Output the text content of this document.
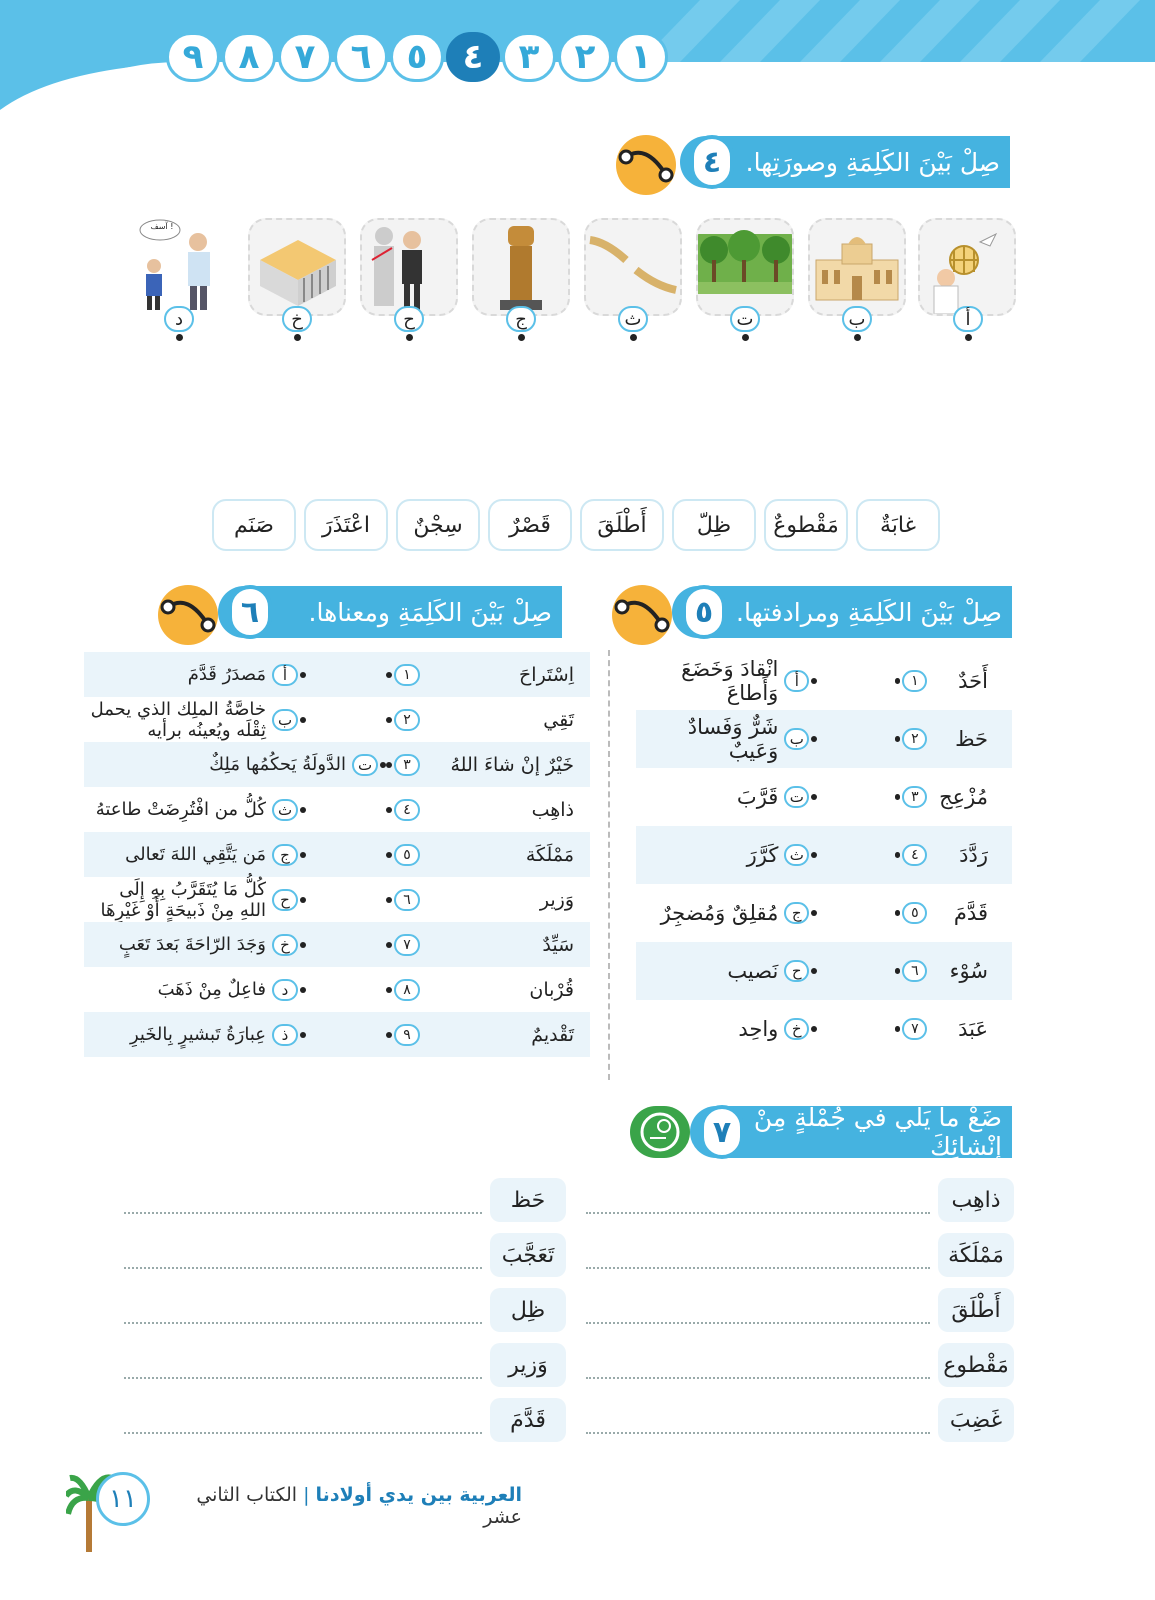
١
٢
٣
٤
٥
٦
٧
٨
٩
٤ صِلْ بَيْنَ الكَلِمَةِ وصورَتِها.
آسف !
أ
ب
ت
ث
ج
ح
خ
د
غابَةٌ
مَقْطوعٌ
ظِلّ
أَطْلَقَ
قَصْرٌ
سِجْنٌ
اعْتَذَرَ
صَنَم
٥ صِلْ بَيْنَ الكَلِمَةِ ومرادفتها.
٦	صِلْ بَيْنَ الكَلِمَةِ ومعناها.
أَحَدٌ
١
أ
انْقادَ وَخَضَعَ وَأَطاعَ
حَظ
٢
ب
شَرٌّ وَفَسادٌ وَعَيبٌ
مُزْعِج
٣
ت
قَرَّبَ
رَدَّدَ
٤
ث
كَرَّرَ
قَدَّمَ
٥
ج
مُقلِقٌ وَمُضجِرٌ
سُوْء
٦
ح
نَصيب
عَبَدَ
٧
خ
واحِد
اِسْتَراحَ
١
أ
مَصدَرُ قَدَّمَ
تَقِي
٢
ب
خاصَّةُ الملِك الذي يحمل ثِقْلَه ويُعينُه برأيه
خَيْرٌ إنْ شاءَ اللهُ
٣
ت
الدَّولَةُ يَحكُمُها مَلِكٌ
ذاهِب
٤
ث
كُلُّ من افْتُرِضَتْ طاعتهُ
مَمْلَكَة
٥
ج
مَن يَتَّقِي اللهَ تَعالى
وَزير
٦
ح
كُلُّ مَا يُتَقَرَّبُ بِهِ إِلَى اللهِ مِنْ ذَبيحَةٍ أَوْ غَيْرِهَا
سَيِّدٌ
٧
خ
وَجَدَ الرّاحَةَ بَعدَ تَعَبٍ
قُرْبان
٨
د
فاعِلٌ مِنْ ذَهَبَ
تَقْديمٌ
٩
ذ
عِبارَةُ تَبشيرٍ بِالخَيرِ
٧ ضَعْ ما يَلي في جُمْلَةٍ مِنْ إِنْشائِكَ
ذاهِب
حَظ
مَمْلَكَة
تَعَجَّبَ
أَطْلَقَ
ظِل
مَقْطوع
وَزير
غَضِبَ
قَدَّمَ
١١	العربية بين يدي أولادنا | الكتاب الثاني عشر
